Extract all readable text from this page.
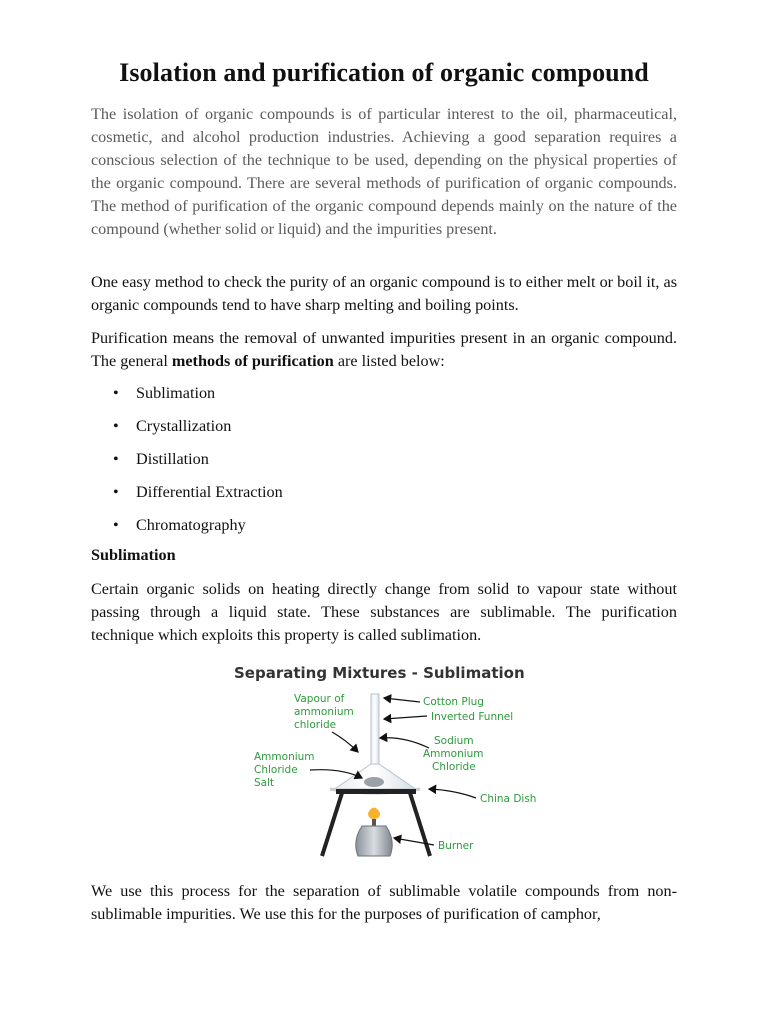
Isolation and purification of organic compound

The isolation of organic compounds is of particular interest to the oil, pharmaceutical, cosmetic, and alcohol production industries. Achieving a good separation requires a conscious selection of the technique to be used, depending on the physical properties of the organic compound. There are several methods of purification of organic compounds. The method of purification of the organic compound depends mainly on the nature of the compound (whether solid or liquid) and the impurities present.

One easy method to check the purity of an organic compound is to either melt or boil it, as organic compounds tend to have sharp melting and boiling points.

Purification means the removal of unwanted impurities present in an organic compound. The general methods of purification are listed below:

• Sublimation
• Crystallization
• Distillation
• Differential Extraction
• Chromatography

Sublimation

Certain organic solids on heating directly change from solid to vapour state without passing through a liquid state. These substances are sublimable. The purification technique which exploits this property is called sublimation.

Separating Mixtures - Sublimation
Vapour of
ammonium
chloride
Cotton Plug
Inverted Funnel
Sodium
Ammonium
Chloride
Ammonium
Chloride
Salt
China Dish
Burner

We use this process for the separation of sublimable volatile compounds from non-sublimable impurities. We use this for the purposes of purification of camphor,
